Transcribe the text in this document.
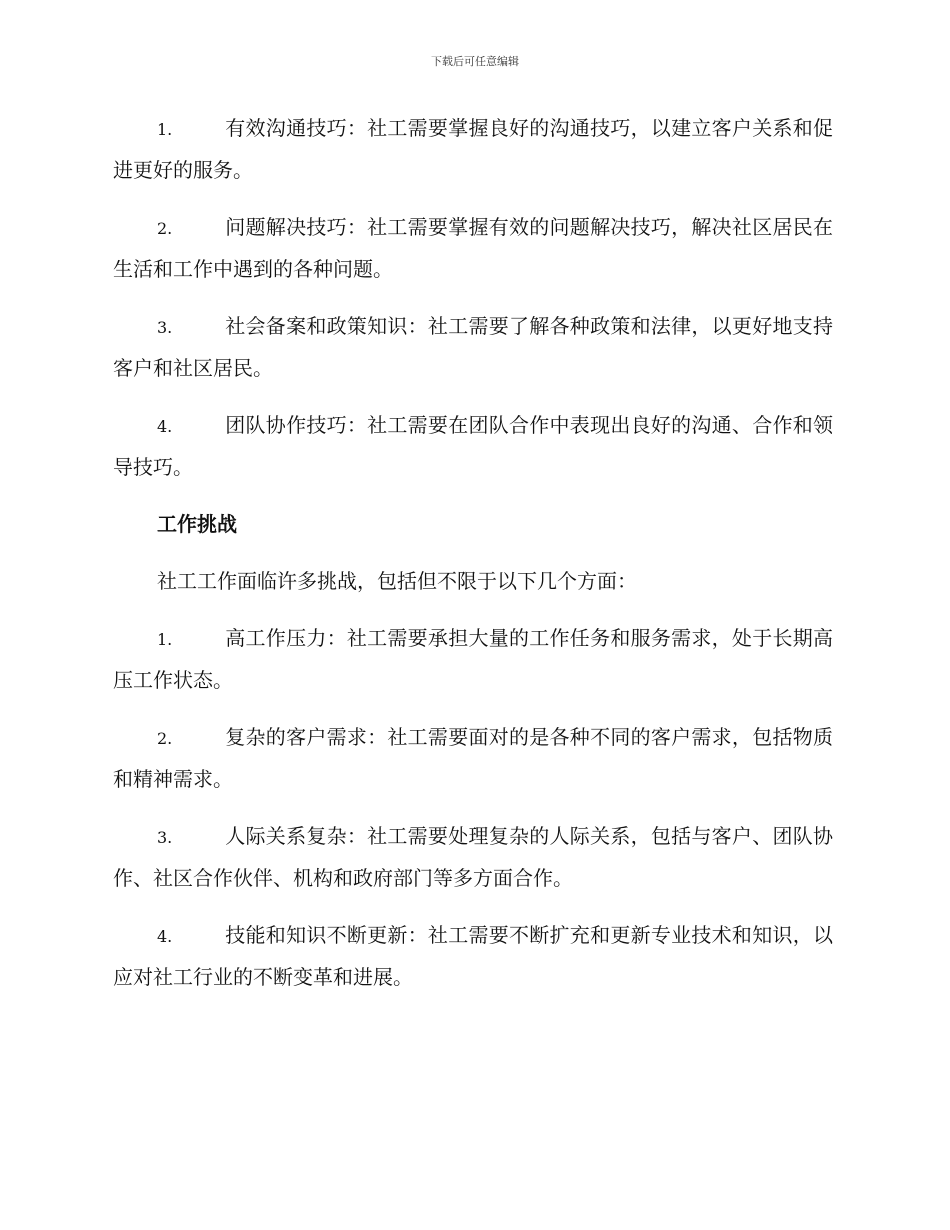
下载后可任意编辑

1.	有效沟通技巧：社工需要掌握良好的沟通技巧，以建立客户关系和促进更好的服务。

2.	问题解决技巧：社工需要掌握有效的问题解决技巧，解决社区居民在生活和工作中遇到的各种问题。

3.	社会备案和政策知识：社工需要了解各种政策和法律，以更好地支持客户和社区居民。

4.	团队协作技巧：社工需要在团队合作中表现出良好的沟通、合作和领导技巧。

工作挑战

社工工作面临许多挑战，包括但不限于以下几个方面：

1.	高工作压力：社工需要承担大量的工作任务和服务需求，处于长期高压工作状态。

2.	复杂的客户需求：社工需要面对的是各种不同的客户需求，包括物质和精神需求。

3.	人际关系复杂：社工需要处理复杂的人际关系，包括与客户、团队协作、社区合作伙伴、机构和政府部门等多方面合作。

4.	技能和知识不断更新：社工需要不断扩充和更新专业技术和知识，以应对社工行业的不断变革和进展。
